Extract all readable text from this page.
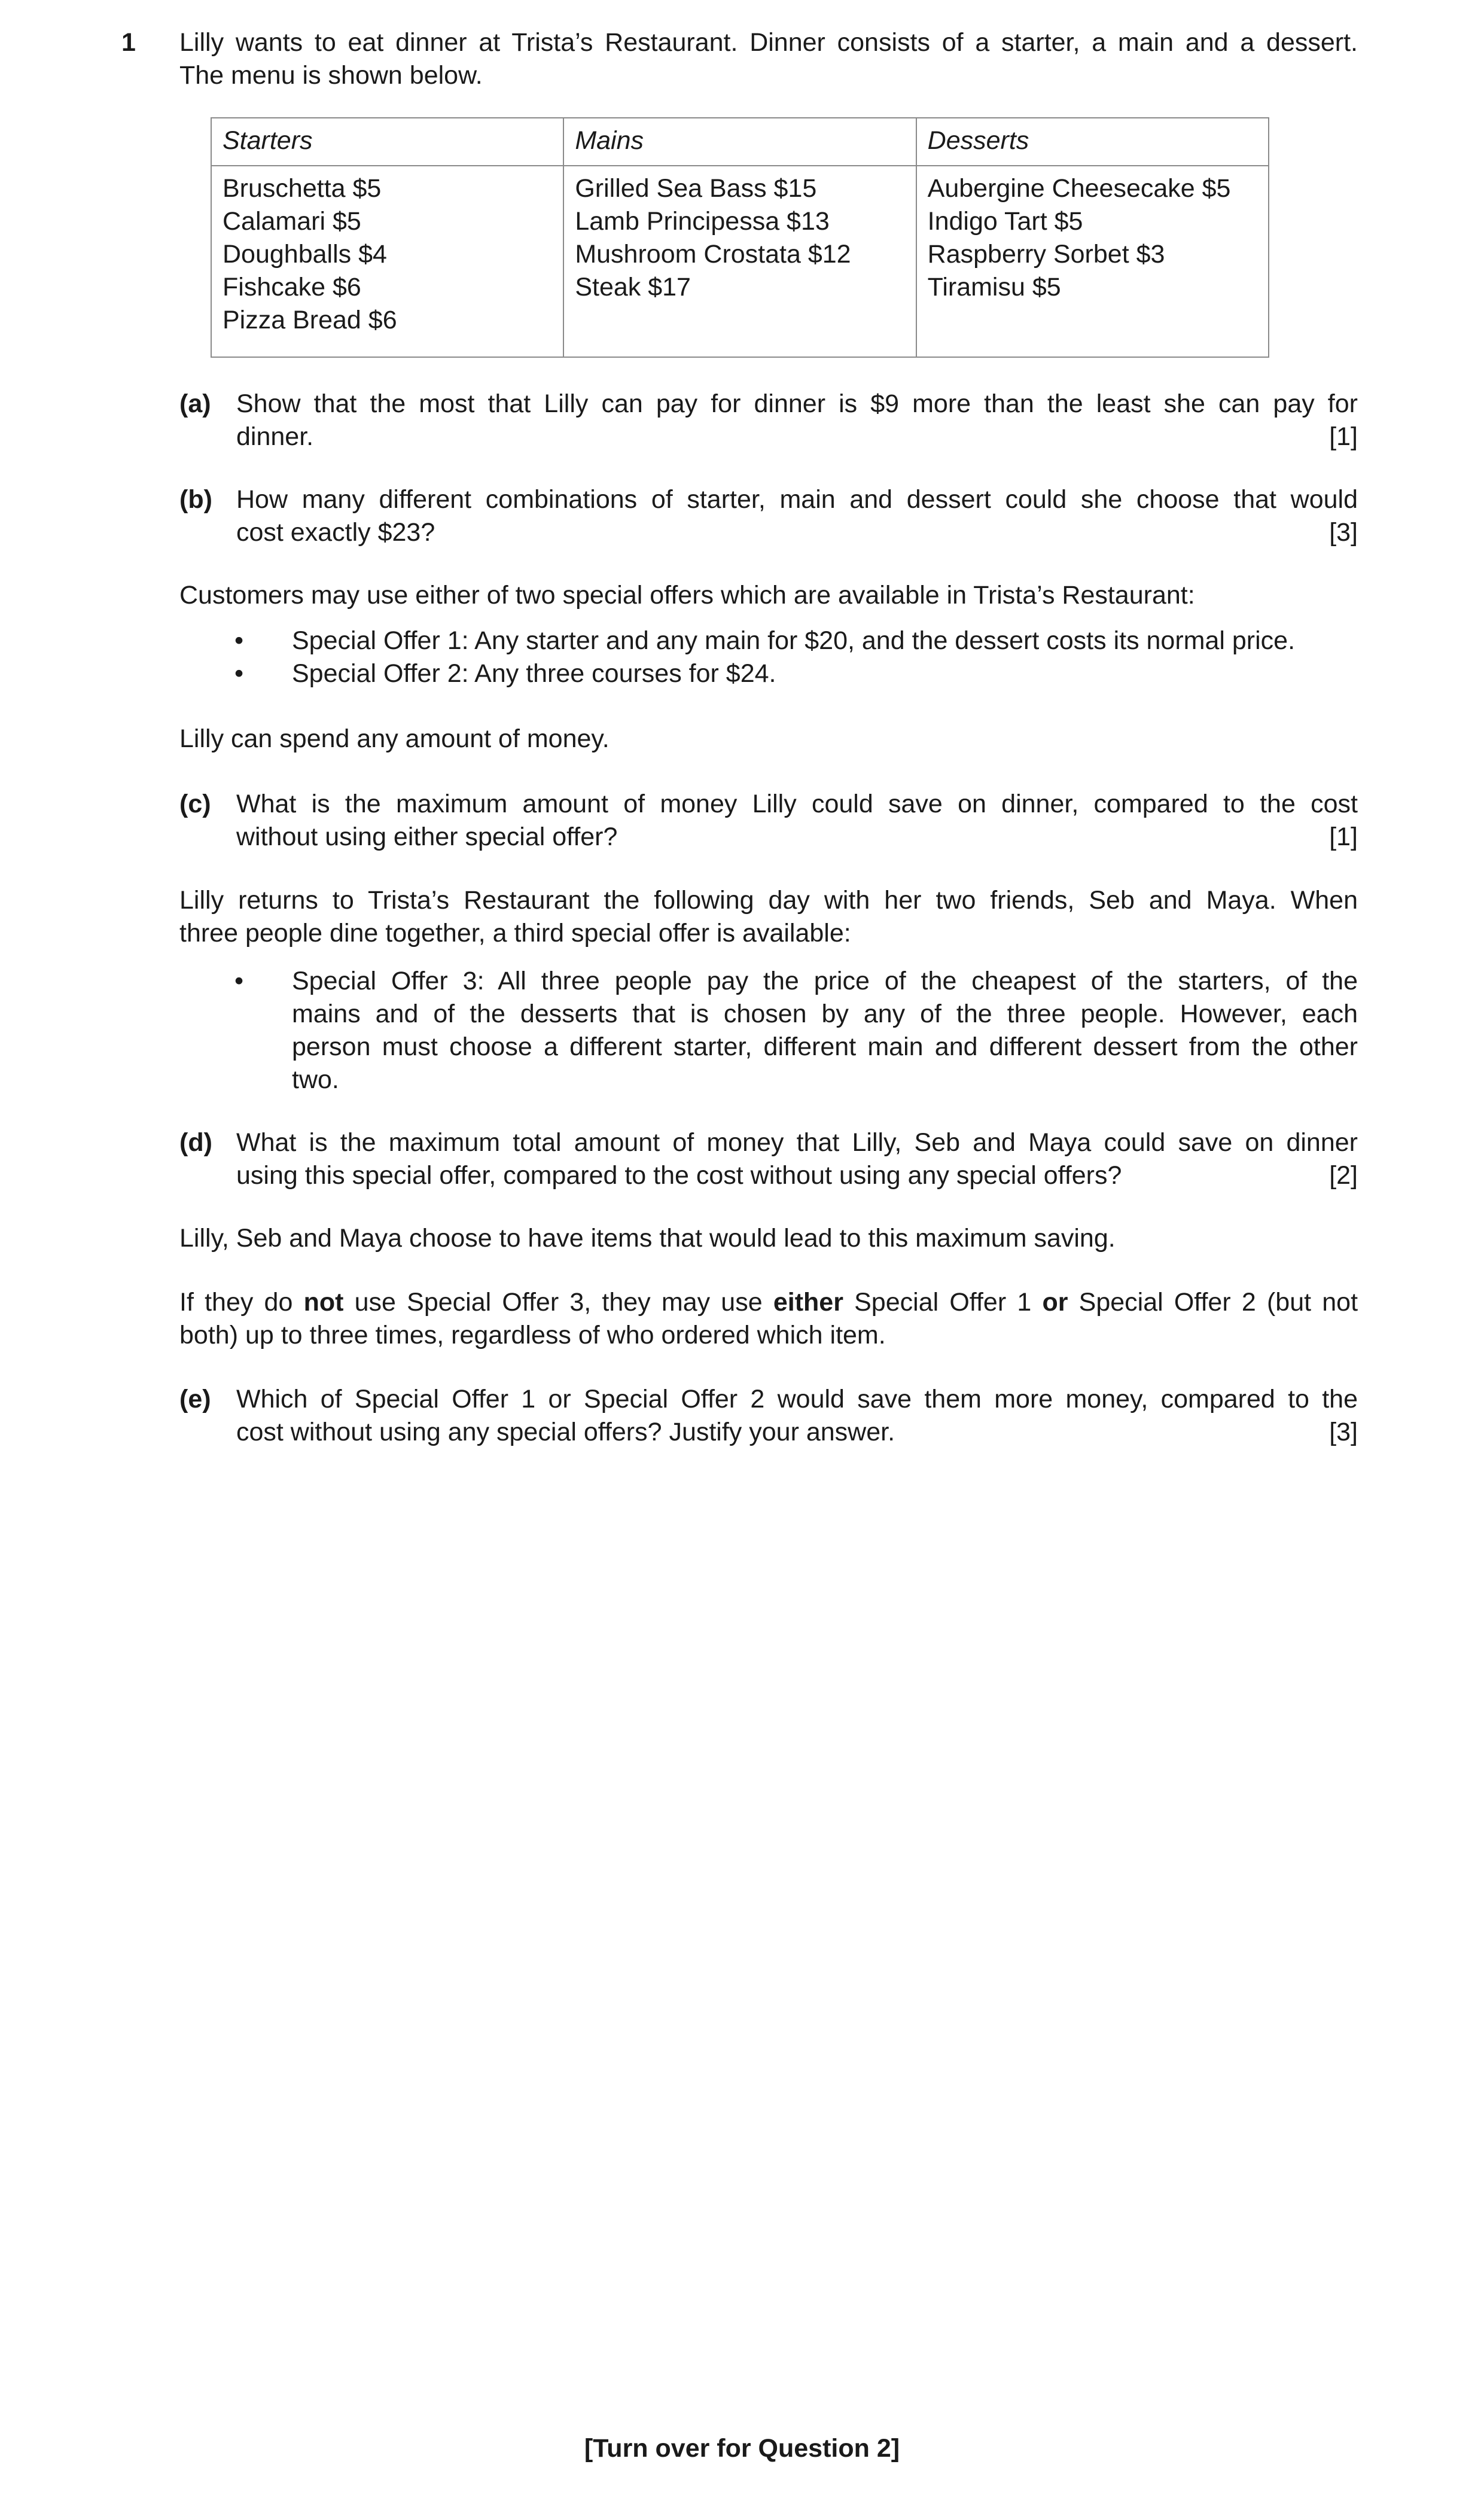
1 Lilly wants to eat dinner at Trista’s Restaurant. Dinner consists of a starter, a main and a dessert.
The menu is shown below.
Starters	Mains	Desserts

Bruschetta $5
Calamari $5
Doughballs $4
Fishcake $6
Pizza Bread $6	Grilled Sea Bass $15
Lamb Principessa $13
Mushroom Crostata $12
Steak $17	Aubergine Cheesecake $5
Indigo Tart $5
Raspberry Sorbet $3
Tiramisu $5
(a) Show that the most that Lilly can pay for dinner is $9 more than the least she can pay for
dinner.	[1]
(b) How many different combinations of starter, main and dessert could she choose that would
cost exactly $23?	[3]
Customers may use either of two special offers which are available in Trista’s Restaurant:
• Special Offer 1: Any starter and any main for $20, and the dessert costs its normal price.
• Special Offer 2: Any three courses for $24.
Lilly can spend any amount of money.
(c) What is the maximum amount of money Lilly could save on dinner, compared to the cost
without using either special offer?	[1]
Lilly returns to Trista’s Restaurant the following day with her two friends, Seb and Maya. When
three people dine together, a third special offer is available:
• Special Offer 3: All three people pay the price of the cheapest of the starters, of the
mains and of the desserts that is chosen by any of the three people. However, each
person must choose a different starter, different main and different dessert from the other
two.
(d) What is the maximum total amount of money that Lilly, Seb and Maya could save on dinner
using this special offer, compared to the cost without using any special offers?	[2]
Lilly, Seb and Maya choose to have items that would lead to this maximum saving.
If they do not use Special Offer 3, they may use either Special Offer 1 or Special Offer 2 (but not
both) up to three times, regardless of who ordered which item.
(e) Which of Special Offer 1 or Special Offer 2 would save them more money, compared to the
cost without using any special offers? Justify your answer.	[3]
[Turn over for Question 2]
